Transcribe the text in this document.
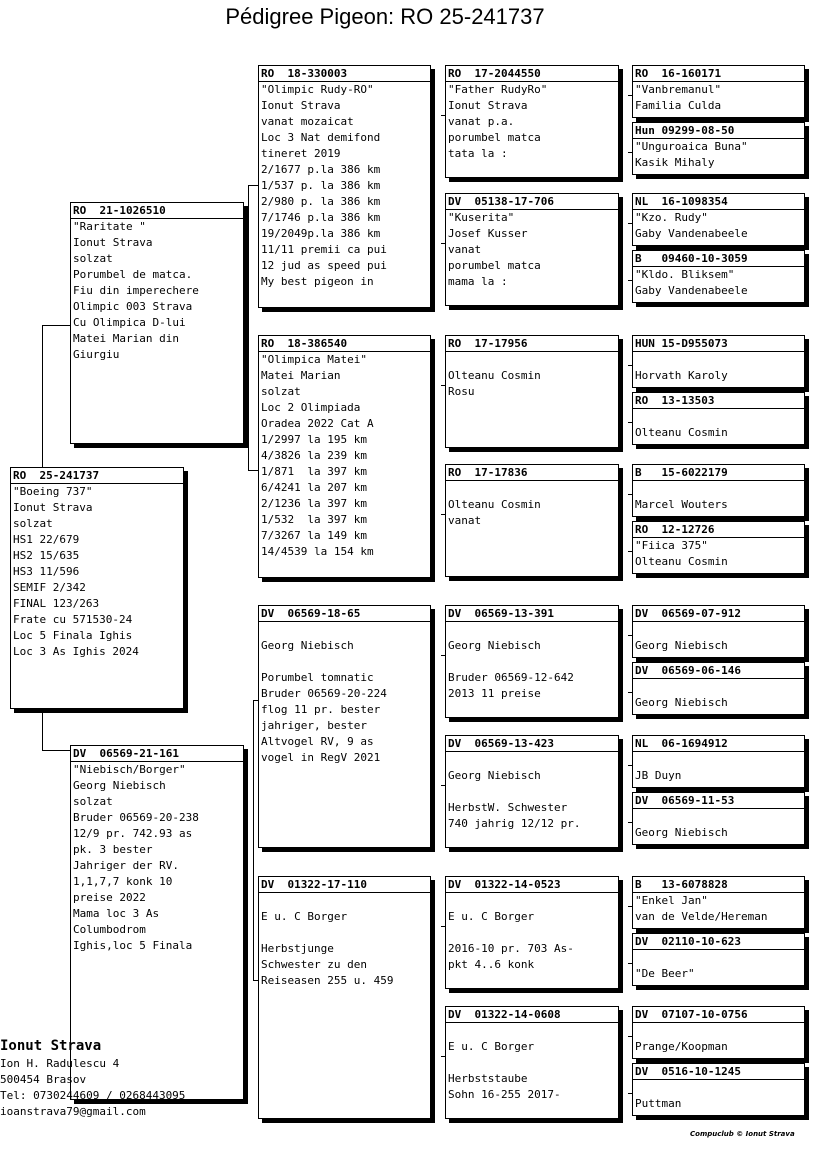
Pédigree Pigeon: RO 25-241737
RO  25-241737
"Boeing 737"
Ionut Strava
solzat
HS1 22/679
HS2 15/635
HS3 11/596
SEMIF 2/342
FINAL 123/263
Frate cu 571530-24
Loc 5 Finala Ighis
Loc 3 As Ighis 2024
RO  21-1026510
"Raritate "
Ionut Strava
solzat
Porumbel de matca.
Fiu din imperechere
Olimpic 003 Strava
Cu Olimpica D-lui
Matei Marian din
Giurgiu
DV  06569-21-161
"Niebisch/Borger"
Georg Niebisch
solzat
Bruder 06569-20-238
12/9 pr. 742.93 as
pk. 3 bester
Jahriger der RV.
1,1,7,7 konk 10
preise 2022
Mama loc 3 As
Columbodrom
Ighis,loc 5 Finala
RO  18-330003
"Olimpic Rudy-RO"
Ionut Strava
vanat mozaicat
Loc 3 Nat demifond
tineret 2019
2/1677 p.la 386 km
1/537 p. la 386 km
2/980 p. la 386 km
7/1746 p.la 386 km
19/2049p.la 386 km
11/11 premii ca pui
12 jud as speed pui
My best pigeon in
RO  18-386540
"Olimpica Matei"
Matei Marian
solzat
Loc 2 Olimpiada
Oradea 2022 Cat A
1/2997 la 195 km
4/3826 la 239 km
1/871  la 397 km
6/4241 la 207 km
2/1236 la 397 km
1/532  la 397 km
7/3267 la 149 km
14/4539 la 154 km
DV  06569-18-65
Georg Niebisch
Porumbel tomnatic
Bruder 06569-20-224
flog 11 pr. bester
jahriger, bester
Altvogel RV, 9 as
vogel in RegV 2021
DV  01322-17-110
E u. C Borger
Herbstjunge
Schwester zu den
Reiseasen 255 u. 459
RO  17-2044550
"Father RudyRo"
Ionut Strava
vanat p.a.
porumbel matca
tata la :
DV  05138-17-706
"Kuserita"
Josef Kusser
vanat
porumbel matca
mama la :
RO  17-17956
Olteanu Cosmin
Rosu
RO  17-17836
Olteanu Cosmin
vanat
DV  06569-13-391
Georg Niebisch
Bruder 06569-12-642
2013 11 preise
DV  06569-13-423
Georg Niebisch
HerbstW. Schwester
740 jahrig 12/12 pr.
DV  01322-14-0523
E u. C Borger
2016-10 pr. 703 As-
pkt 4..6 konk
DV  01322-14-0608
E u. C Borger
Herbststaube
Sohn 16-255 2017-
RO  16-160171
"Vanbremanul"
Familia Culda
Hun 09299-08-50
"Unguroaica Buna"
Kasik Mihaly
NL  16-1098354
"Kzo. Rudy"
Gaby Vandenabeele
B   09460-10-3059
"Kldo. Bliksem"
Gaby Vandenabeele
HUN 15-D955073
Horvath Karoly
RO  13-13503
Olteanu Cosmin
B   15-6022179
Marcel Wouters
RO  12-12726
"Fiica 375"
Olteanu Cosmin
DV  06569-07-912
Georg Niebisch
DV  06569-06-146
Georg Niebisch
NL  06-1694912
JB Duyn
DV  06569-11-53
Georg Niebisch
B   13-6078828
"Enkel Jan"
van de Velde/Hereman
DV  02110-10-623
"De Beer"
DV  07107-10-0756
Prange/Koopman
DV  0516-10-1245
Puttman
Ionut Strava
Ion H. Radulescu 4
500454 Brasov
Tel: 0730244609 / 0268443095
ioanstrava79@gmail.com
Compuclub © Ionut Strava
